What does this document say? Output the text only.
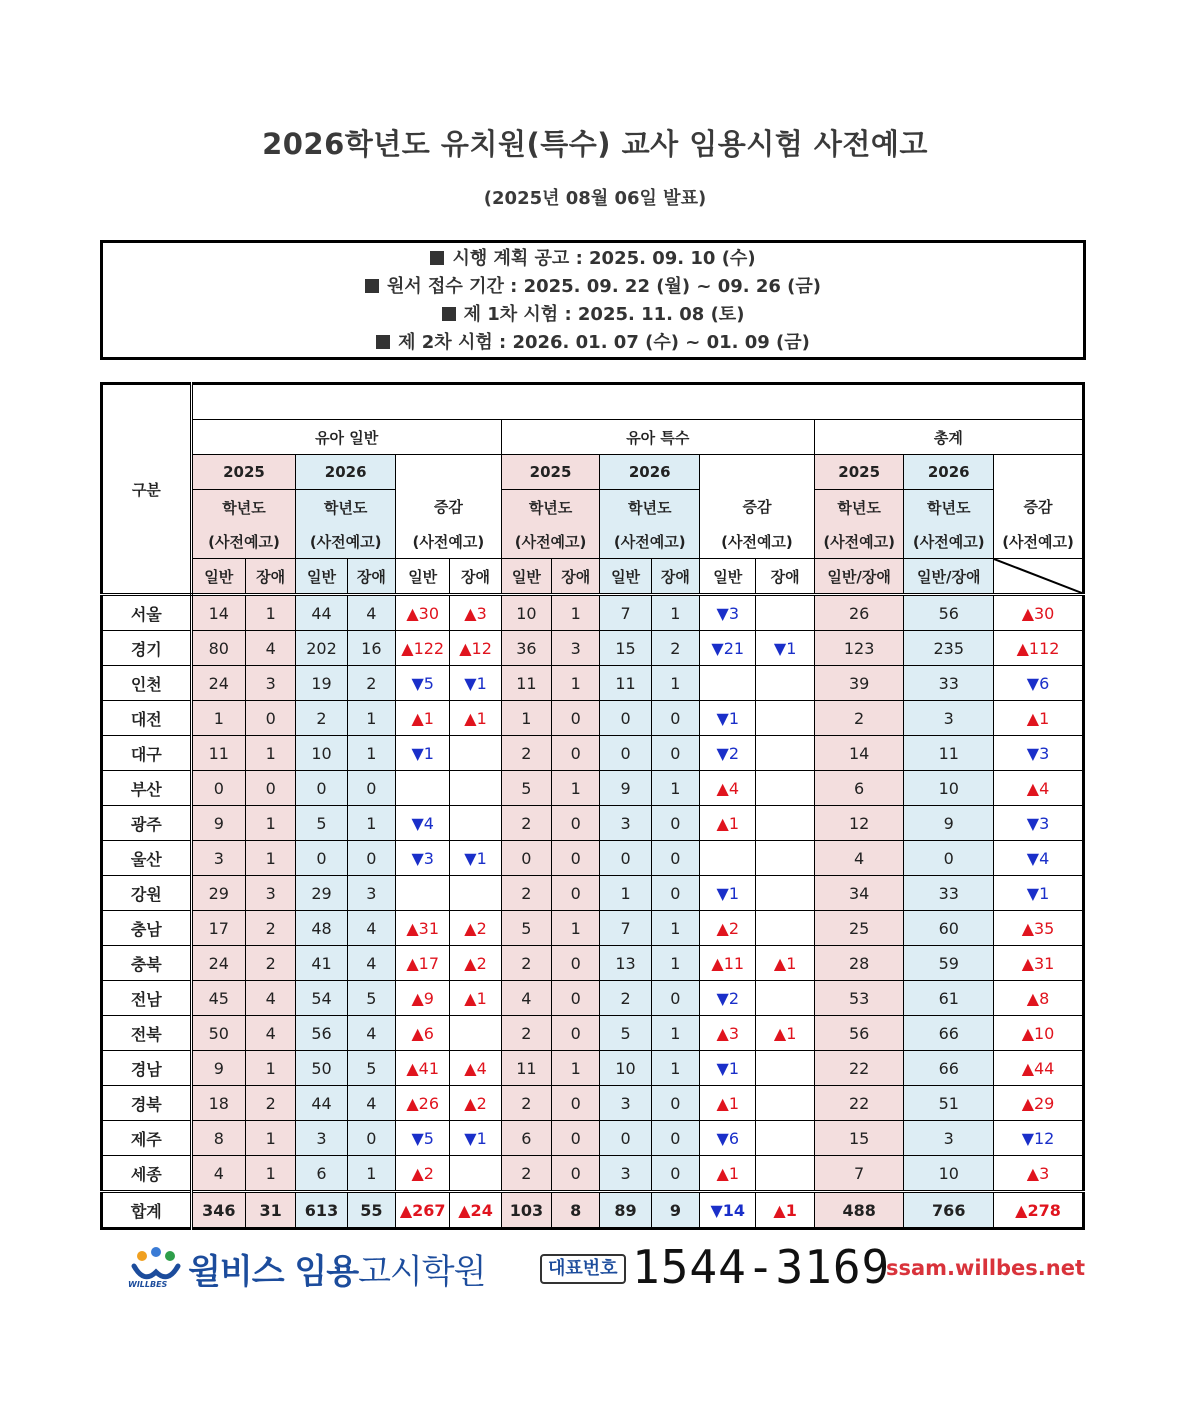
2026학년도 유치원(특수) 교사 임용시험 사전예고
(2025년 08월 06일 발표)
시행 계획 공고 : 2025. 09. 10 (수)
원서 접수 기간 : 2025. 09. 22 (월) ~ 09. 26 (금)
제 1차 시험 : 2025. 11. 08 (토)
제 2차 시험 : 2026. 01. 07 (수) ~ 01. 09 (금)
구분															
	유아 일반						유아 특수						총계		
	2025		2026				2025		2026				2025	2026	
	학년도		학년도		증감		학년도		학년도		증감		학년도	학년도	증감
	(사전예고)		(사전예고)		(사전예고)		(사전예고)		(사전예고)		(사전예고)		(사전예고)	(사전예고)	(사전예고)
	일반	장애	일반	장애	일반	장애	일반	장애	일반	장애	일반	장애	일반/장애	일반/장애	

서울	14	1	44	4	▲30	▲3	10	1	7	1	▼3		26	56	▲30
경기	80	4	202	16	▲122	▲12	36	3	15	2	▼21	▼1	123	235	▲112
인천	24	3	19	2	▼5	▼1	11	1	11	1			39	33	▼6
대전	1	0	2	1	▲1	▲1	1	0	0	0	▼1		2	3	▲1
대구	11	1	10	1	▼1		2	0	0	0	▼2		14	11	▼3
부산	0	0	0	0			5	1	9	1	▲4		6	10	▲4
광주	9	1	5	1	▼4		2	0	3	0	▲1		12	9	▼3
울산	3	1	0	0	▼3	▼1	0	0	0	0			4	0	▼4
강원	29	3	29	3			2	0	1	0	▼1		34	33	▼1
충남	17	2	48	4	▲31	▲2	5	1	7	1	▲2		25	60	▲35
충북	24	2	41	4	▲17	▲2	2	0	13	1	▲11	▲1	28	59	▲31
전남	45	4	54	5	▲9	▲1	4	0	2	0	▼2		53	61	▲8
전북	50	4	56	4	▲6		2	0	5	1	▲3	▲1	56	66	▲10
경남	9	1	50	5	▲41	▲4	11	1	10	1	▼1		22	66	▲44
경북	18	2	44	4	▲26	▲2	2	0	3	0	▲1		22	51	▲29
제주	8	1	3	0	▼5	▼1	6	0	0	0	▼6		15	3	▼12
세종	4	1	6	1	▲2		2	0	3	0	▲1		7	10	▲3
합계	346	31	613	55	▲267	▲24	103	8	89	9	▼14	▲1	488	766	▲278
WILLBES 윌비스 임용고시학원	대표번호 1544-3169
ssam.willbes.net
